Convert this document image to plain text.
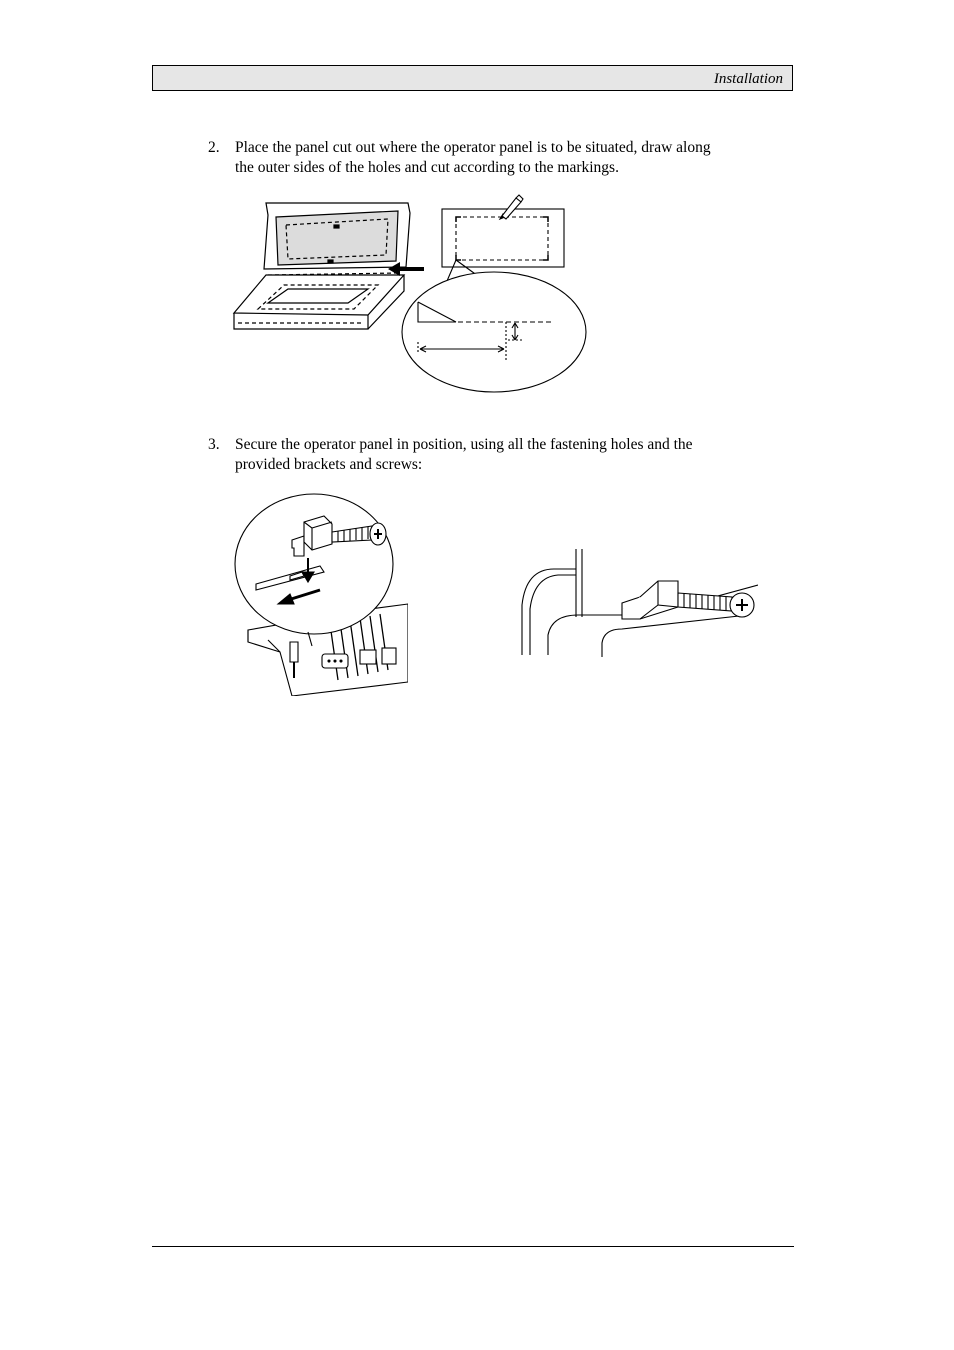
Installation
2. Place the panel cut out where the operator panel is to be situated, draw along
the outer sides of the holes and cut according to the markings.
3. Secure the operator panel in position, using all the fastening holes and the
provided brackets and screws:
